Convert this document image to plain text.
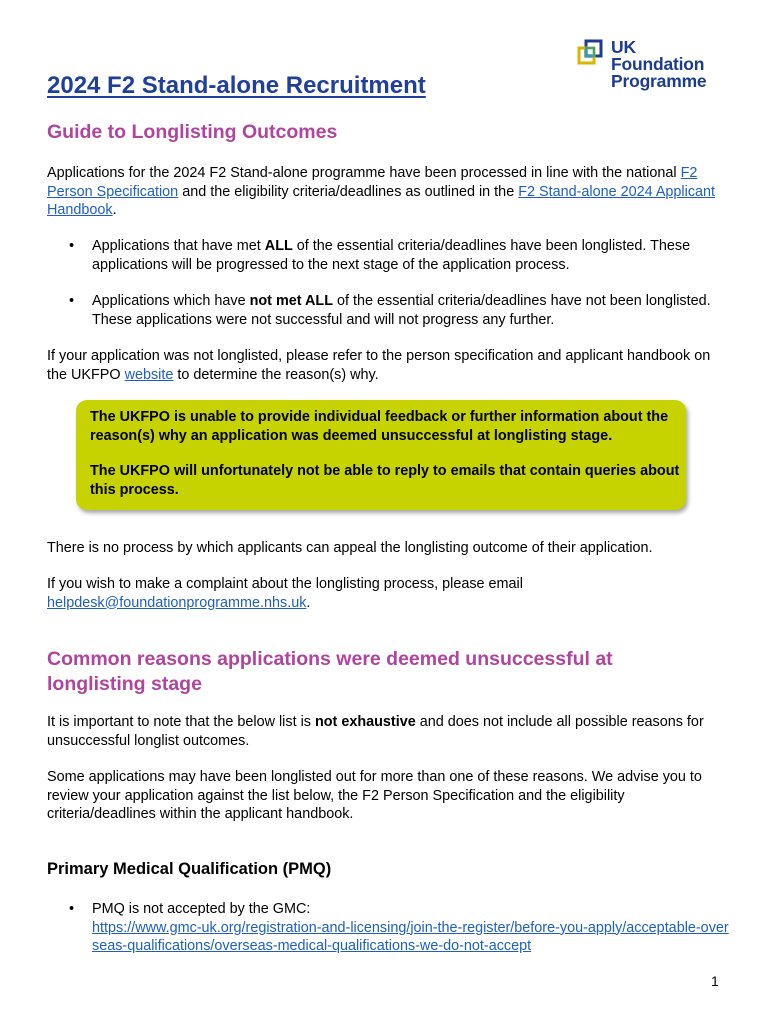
UK
Foundation
Programme
2024 F2 Stand-alone Recruitment

Guide to Longlisting Outcomes

Applications for the 2024 F2 Stand-alone programme have been processed in line with the national F2 Person Specification and the eligibility criteria/deadlines as outlined in the F2 Stand-alone 2024 Applicant Handbook.

• Applications that have met ALL of the essential criteria/deadlines have been longlisted. These applications will be progressed to the next stage of the application process.

• Applications which have not met ALL of the essential criteria/deadlines have not been longlisted. These applications were not successful and will not progress any further.

If your application was not longlisted, please refer to the person specification and applicant handbook on the UKFPO website to determine the reason(s) why.

The UKFPO is unable to provide individual feedback or further information about the reason(s) why an application was deemed unsuccessful at longlisting stage.

The UKFPO will unfortunately not be able to reply to emails that contain queries about this process.

There is no process by which applicants can appeal the longlisting outcome of their application.

If you wish to make a complaint about the longlisting process, please email helpdesk@foundationprogramme.nhs.uk.

Common reasons applications were deemed unsuccessful at longlisting stage

It is important to note that the below list is not exhaustive and does not include all possible reasons for unsuccessful longlist outcomes.

Some applications may have been longlisted out for more than one of these reasons. We advise you to review your application against the list below, the F2 Person Specification and the eligibility criteria/deadlines within the applicant handbook.

Primary Medical Qualification (PMQ)

• PMQ is not accepted by the GMC:
https://www.gmc-uk.org/registration-and-licensing/join-the-register/before-you-apply/acceptable-overseas-qualifications/overseas-medical-qualifications-we-do-not-accept

1
